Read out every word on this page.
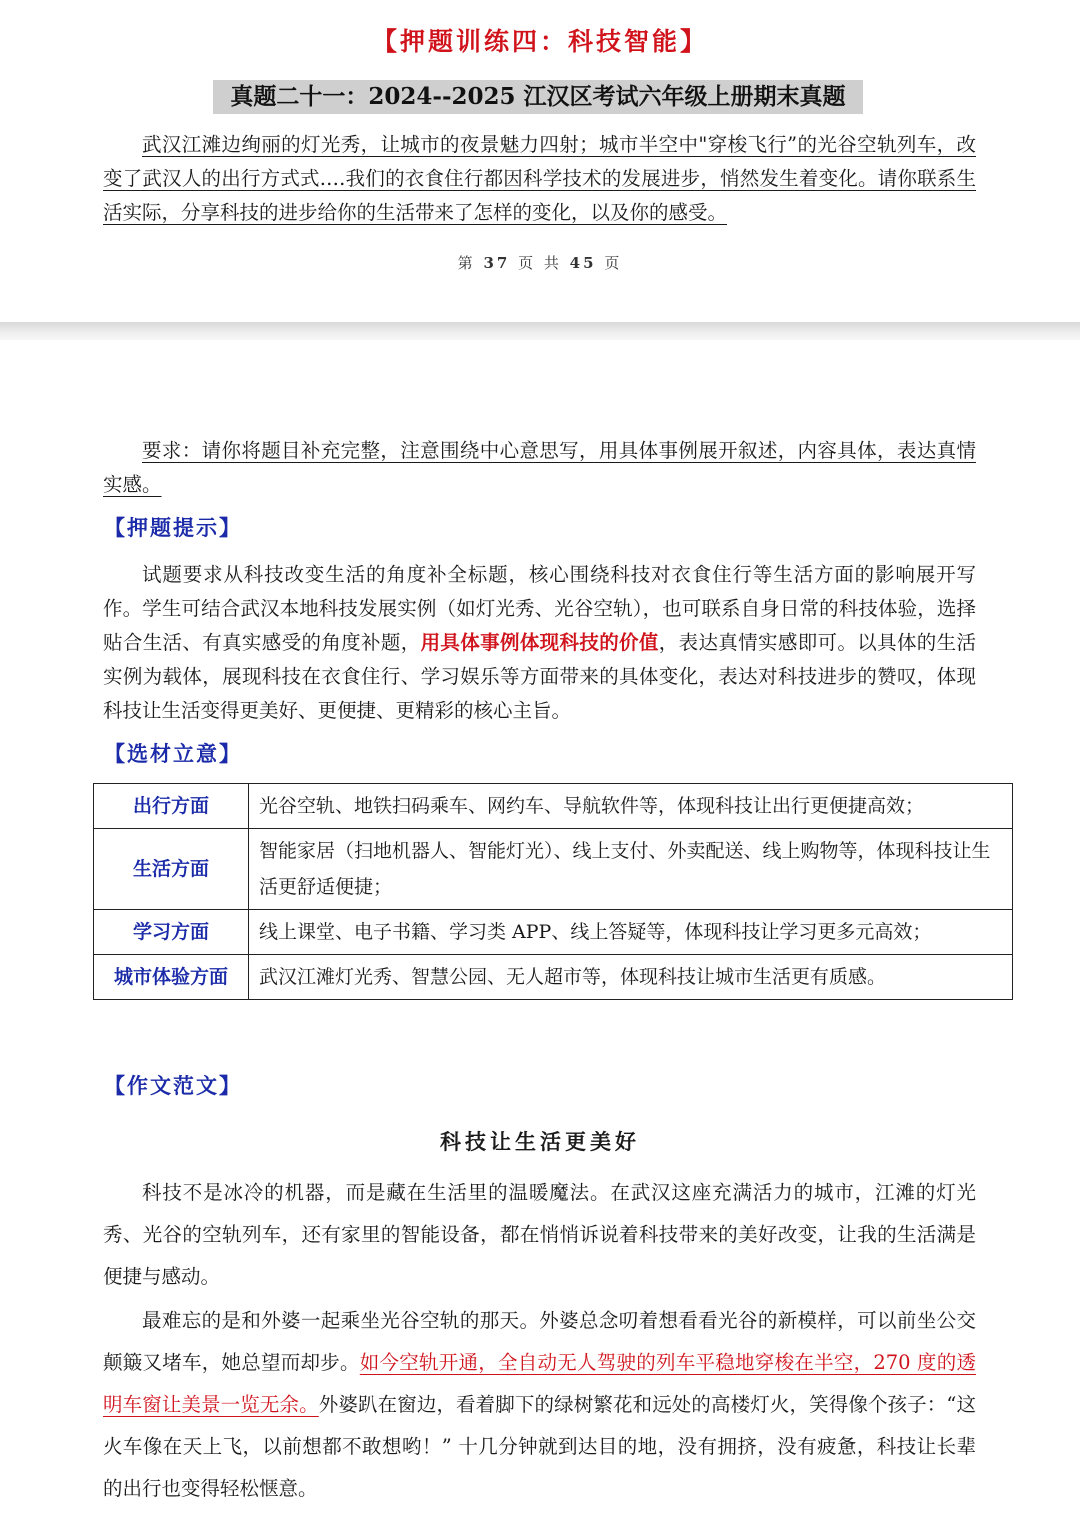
【押题训练四：科技智能】
真题二十一：2024--2025 江汉区考试六年级上册期末真题

武汉江滩边绚丽的灯光秀，让城市的夜景魅力四射；城市半空中"穿梭飞行”的光谷空轨列车，改变了武汉人的出行方式式.…我们的衣食住行都因科学技术的发展进步，悄然发生着变化。请你联系生活实际，分享科技的进步给你的生活带来了怎样的变化，以及你的感受。

第 37 页 共 45 页

要求：请你将题目补充完整，注意围绕中心意思写，用具体事例展开叙述，内容具体，表达真情实感。

【押题提示】

试题要求从科技改变生活的角度补全标题，核心围绕科技对衣食住行等生活方面的影响展开写作。学生可结合武汉本地科技发展实例（如灯光秀、光谷空轨），也可联系自身日常的科技体验，选择贴合生活、有真实感受的角度补题，用具体事例体现科技的价值，表达真情实感即可。以具体的生活实例为载体，展现科技在衣食住行、学习娱乐等方面带来的具体变化，表达对科技进步的赞叹，体现科技让生活变得更美好、更便捷、更精彩的核心主旨。

【选材立意】
出行方面	光谷空轨、地铁扫码乘车、网约车、导航软件等，体现科技让出行更便捷高效；
生活方面	智能家居（扫地机器人、智能灯光）、线上支付、外卖配送、线上购物等，体现科技让生活更舒适便捷；
学习方面	线上课堂、电子书籍、学习类 APP、线上答疑等，体现科技让学习更多元高效；
城市体验方面	武汉江滩灯光秀、智慧公园、无人超市等，体现科技让城市生活更有质感。
【作文范文】
科技让生活更美好

科技不是冰冷的机器，而是藏在生活里的温暖魔法。在武汉这座充满活力的城市，江滩的灯光秀、光谷的空轨列车，还有家里的智能设备，都在悄悄诉说着科技带来的美好改变，让我的生活满是便捷与感动。

最难忘的是和外婆一起乘坐光谷空轨的那天。外婆总念叨着想看看光谷的新模样，可以前坐公交颠簸又堵车，她总望而却步。如今空轨开通，全自动无人驾驶的列车平稳地穿梭在半空，270 度的透明车窗让美景一览无余。外婆趴在窗边，看着脚下的绿树繁花和远处的高楼灯火，笑得像个孩子：“这火车像在天上飞，以前想都不敢想哟！” 十几分钟就到达目的地，没有拥挤，没有疲惫，科技让长辈的出行也变得轻松惬意。
